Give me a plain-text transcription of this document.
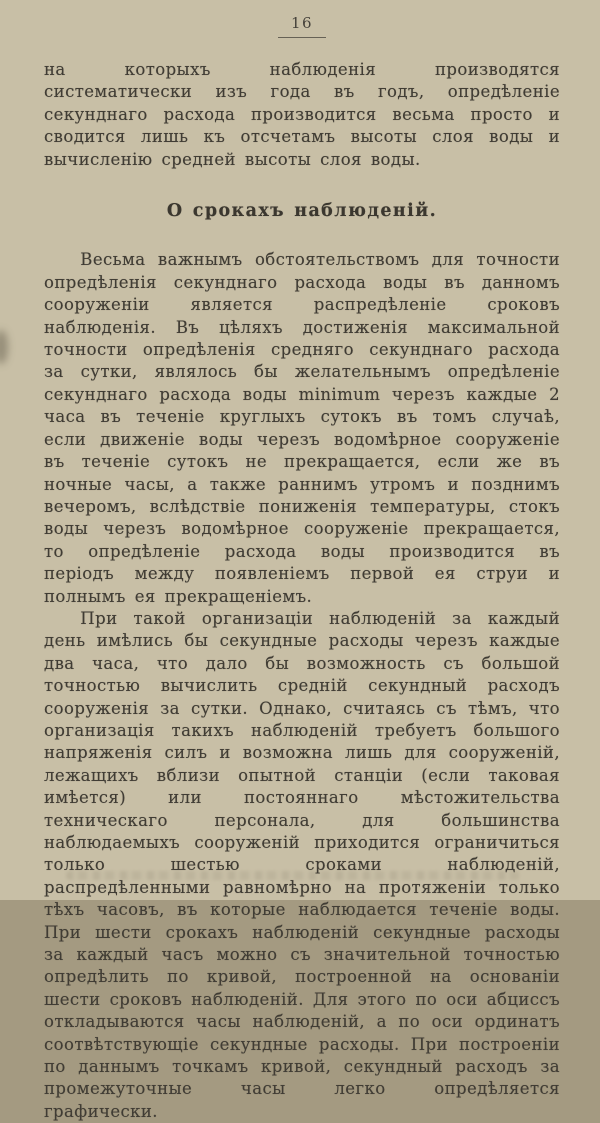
16

на которыхъ наблюденія производятся систематически изъ года въ годъ, опредѣленіе секунднаго расхода производится весьма просто и сводится лишь къ отсчетамъ высоты слоя воды и вычисленію средней высоты слоя воды.

О срокахъ наблюденій.

Весьма важнымъ обстоятельствомъ для точности опредѣленія секунднаго расхода воды въ данномъ сооруженіи является распредѣленіе сроковъ наблюденія. Въ цѣляхъ достиженія максимальной точности опредѣленія средняго секунднаго расхода за сутки, являлось бы желательнымъ опредѣленіе секунднаго расхода воды minimum черезъ каждые 2 часа въ теченіе круглыхъ сутокъ въ томъ случаѣ, если движеніе воды черезъ водомѣрное сооруженіе въ теченіе сутокъ не прекращается, если же въ ночные часы, а также раннимъ утромъ и позднимъ вечеромъ, вслѣдствіе пониженія температуры, стокъ воды черезъ водомѣрное сооруженіе прекращается, то опредѣленіе расхода воды производится въ періодъ между появленіемъ первой ея струи и полнымъ ея прекращеніемъ.

При такой организаціи наблюденій за каждый день имѣлись бы секундные расходы черезъ каждые два часа, что дало бы возможность съ большой точностью вычислить средній секундный расходъ сооруженія за сутки. Однако, считаясь съ тѣмъ, что организація такихъ наблюденій требуетъ большого напряженія силъ и возможна лишь для сооруженій, лежащихъ вблизи опытной станціи (если таковая имѣется) или постояннаго мѣстожительства техническаго персонала, для большинства наблюдаемыхъ сооруженій приходится ограничиться только шестью сроками наблюденій, распредѣленными равномѣрно на протяженіи только тѣхъ часовъ, въ которые наблюдается теченіе воды. При шести срокахъ наблюденій секундные расходы за каждый часъ можно съ значительной точностью опредѣлить по кривой, построенной на основаніи шести сроковъ наблюденій. Для этого по оси абциссъ откладываются часы наблюденій, а по оси ординатъ соотвѣтствующіе секундные расходы. При построеніи по даннымъ точкамъ кривой, секундный расходъ за промежуточные часы легко опредѣляется графически.
